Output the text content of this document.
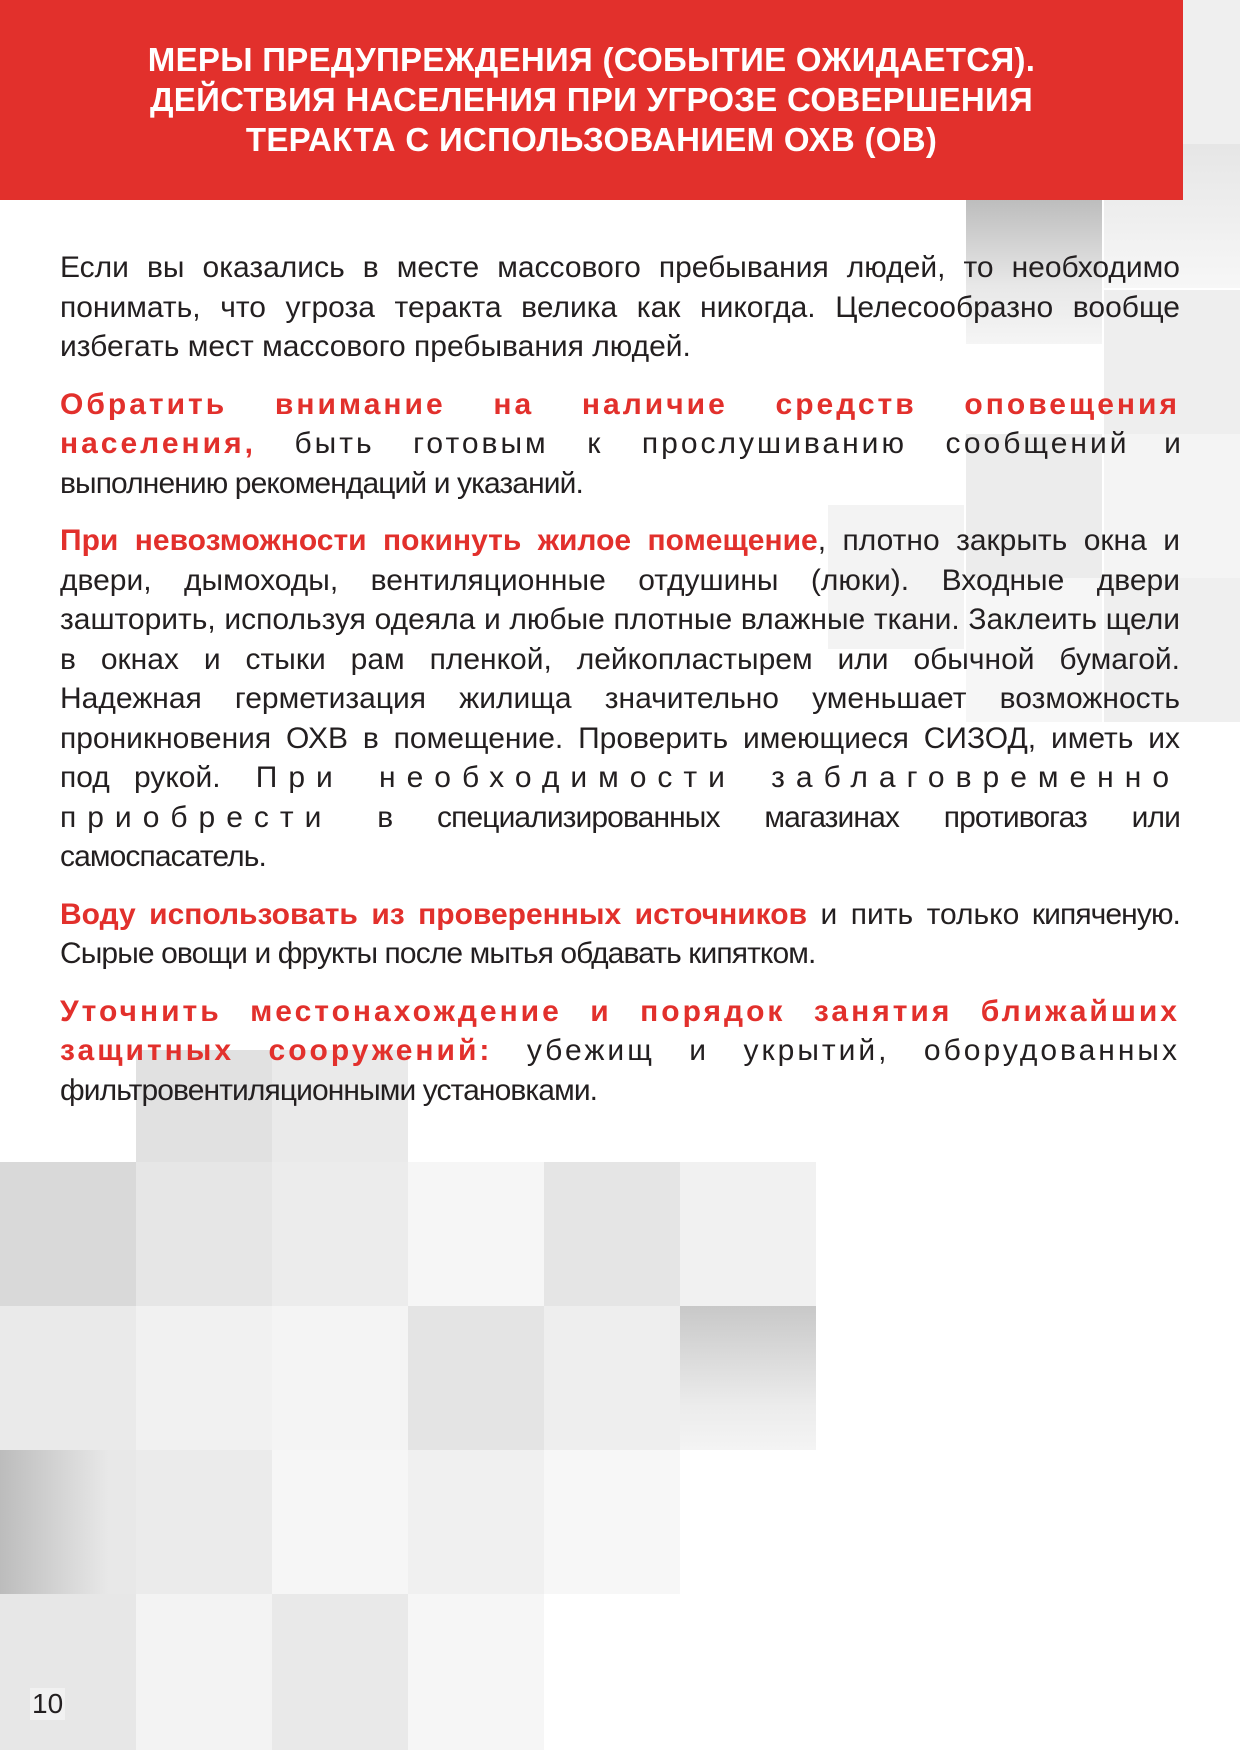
МЕРЫ ПРЕДУПРЕЖДЕНИЯ (СОБЫТИЕ ОЖИДАЕТСЯ).
ДЕЙСТВИЯ НАСЕЛЕНИЯ ПРИ УГРОЗЕ СОВЕРШЕНИЯ
ТЕРАКТА С ИСПОЛЬЗОВАНИЕМ ОХВ (ОВ)

Если вы оказались в месте массового пребывания людей, то необходимо понимать, что угроза теракта велика как никогда. Целесообразно вообще избегать мест массового пребывания людей.

Обратить внимание на наличие средств оповещения населения, быть готовым к прослушиванию сообщений и выполнению рекомендаций и указаний.

При невозможности покинуть жилое помещение, плотно закрыть окна и двери, дымоходы, вентиляционные отдушины (люки). Входные двери зашторить, используя одеяла и любые плотные влажные ткани. Заклеить щели в окнах и стыки рам пленкой, лейкопластырем или обычной бумагой. Надежная герметизация жилища значительно уменьшает возможность проникновения ОХВ в помещение. Проверить имеющиеся СИЗОД, иметь их под рукой. При необходимости заблаговременно приобрести в специализированных магазинах противогаз или самоспасатель.

Воду использовать из проверенных источников и пить только кипяченую. Сырые овощи и фрукты после мытья обдавать кипятком.

Уточнить местонахождение и порядок занятия ближайших защитных сооружений: убежищ и укрытий, оборудованных фильтровентиляционными установками.

10
